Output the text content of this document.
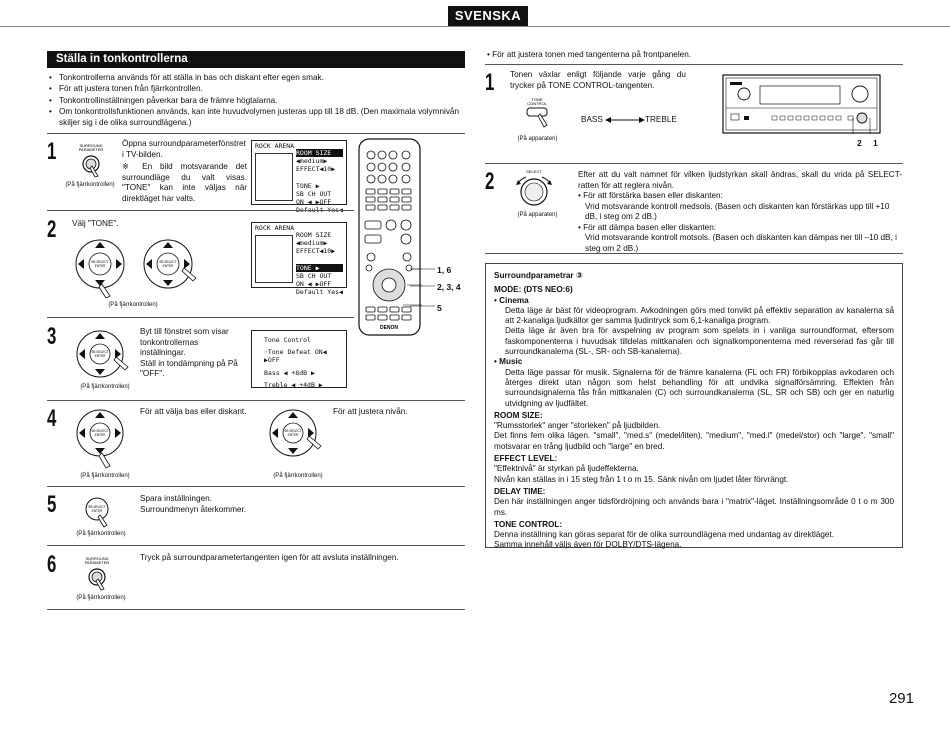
SVENSKA
Ställa in tonkontrollerna
• Tonkontrollerna används för att ställa in bas och diskant efter egen smak.
• För att justera tonen från fjärrkontrollen.
• Tonkontrollinställningen påverkar bara de främre högtalarna.
• Om tonkontrollsfunktionen används, kan inte huvudvolymen justeras upp till 18 dB. (Den maximala volymnivån skiljer sig i de olika surroundlägena.)
1	SURROUND
PARAMETER
(På fjärrkontrollen)
Öppna surroundparameterfönstret
i TV-bilden.
※ En bild motsvarande det surroundläge du valt visas. "TONE" kan inte väljas när direktläget har valts.
ROCK ARENA
ROOM SIZE
◀medium▶
EFFECT◀10▶
TONE ▶
SB CH OUT
ON ◀ ▶OFF
Default Yes◀
DENON
1, 6
2, 3, 4
5
2 Välj "TONE".
SB SELECT
ENTER
SB SELECT
ENTER
(På fjärrkontrollen)
ROCK ARENA
ROOM SIZE
◀medium▶
EFFECT◀10▶
TONE ▶
SB CH OUT
ON ◀ ▶OFF
Default Yes◀
3
SB SELECT
ENTER
(På fjärrkontrollen)
Byt till fönstret som visar
tonkontrollernas
inställningar.
Ställ in tondämpning på På
"OFF".
Tone Control
☞Tone Defeat ON◀ ▶OFF
Bass ◀ +8dB ▶
Treble ◀ +4dB ▶
4	SB SELECT
ENTER
(På fjärrkontrollen)
För att välja bas eller diskant.
SB SELECT
ENTER
(På fjärrkontrollen)
För att justera nivån.
5	SB SELECT
ENTER
(På fjärrkontrollen)
Spara inställningen.
Surroundmenyn återkommer.
6	SURROUND
PARAMETER
(På fjärrkontrollen)
Tryck på surroundparametertangenten igen för att avsluta inställningen.
• För att justera tonen med tangenterna på frontpanelen.
1 Tonen växlar enligt följande varje gång du trycker på TONE CONTROL-tangenten.
TONE
CONTROL
(På apparaten)
BASS	TREBLE
2 1
2	SELECT
(På apparaten)
Efter att du valt namnet för vilken ljudstyrkan skall ändras, skall du vrida på SELECT-ratten för att reglera nivån.
• För att förstärka basen eller diskanten:
Vrid motsvarande kontroll medsols. (Basen och diskanten kan förstärkas upp till +10 dB, i steg om 2 dB.)
• För att dämpa basen eller diskanten:
Vrid motsvarande kontroll motsols. (Basen och diskanten kan dämpas ner till –10 dB, i steg om 2 dB.)
Surroundparametrar ③
MODE: (DTS NEO:6)
• Cinema
Detta läge är bäst för videoprogram. Avkodningen görs med tonvikt på effektiv separation av kanalerna så att 2-kanaliga ljudkällor ger samma ljudintryck som 6,1-kanaliga program.
Detta läge är även bra för avspelning av program som spelats in i vanliga surroundformat, eftersom faskomponenterna i huvudsak tilldelas mittkanalen och signalkomponenterna med reverserad fas går till surroundkanalerna (SL-, SR- och SB-kanalerna).
• Music
Detta läge passar för musik. Signalerna för de främre kanalerna (FL och FR) förbikopplas avkodaren och återges direkt utan någon som helst behandling för att undvika signalförsämring. Effekten från surroundsignalerna fås från mittkanalen (C) och surroundkanalerna (SL, SR och SB) och ger en naturlig utvidgning av ljudfältet.
ROOM SIZE:
"Rumsstorlek" anger "storleken" på ljudbilden.
Det finns fem olika lägen. "small", "med.s" (medel/liten), "medium", "med.l" (medel/stor) och "large". "small" motsvarar en trång ljudbild och "large" en bred.
EFFECT LEVEL:
"Effektnivå" är styrkan på ljudeffekterna.
Nivån kan ställas in i 15 steg från 1 t o m 15. Sänk nivån om ljudet låter förvrängt.
DELAY TIME:
Den här inställningen anger tidsfördröjning och används bara i "matrix"-läget. Inställningsområde 0 t o m 300 ms.
TONE CONTROL:
Denna inställning kan göras separat för de olika surroundlägena med undantag av direktläget.
Samma innehåll väljs även för DOLBY/DTS-lägena.
291
